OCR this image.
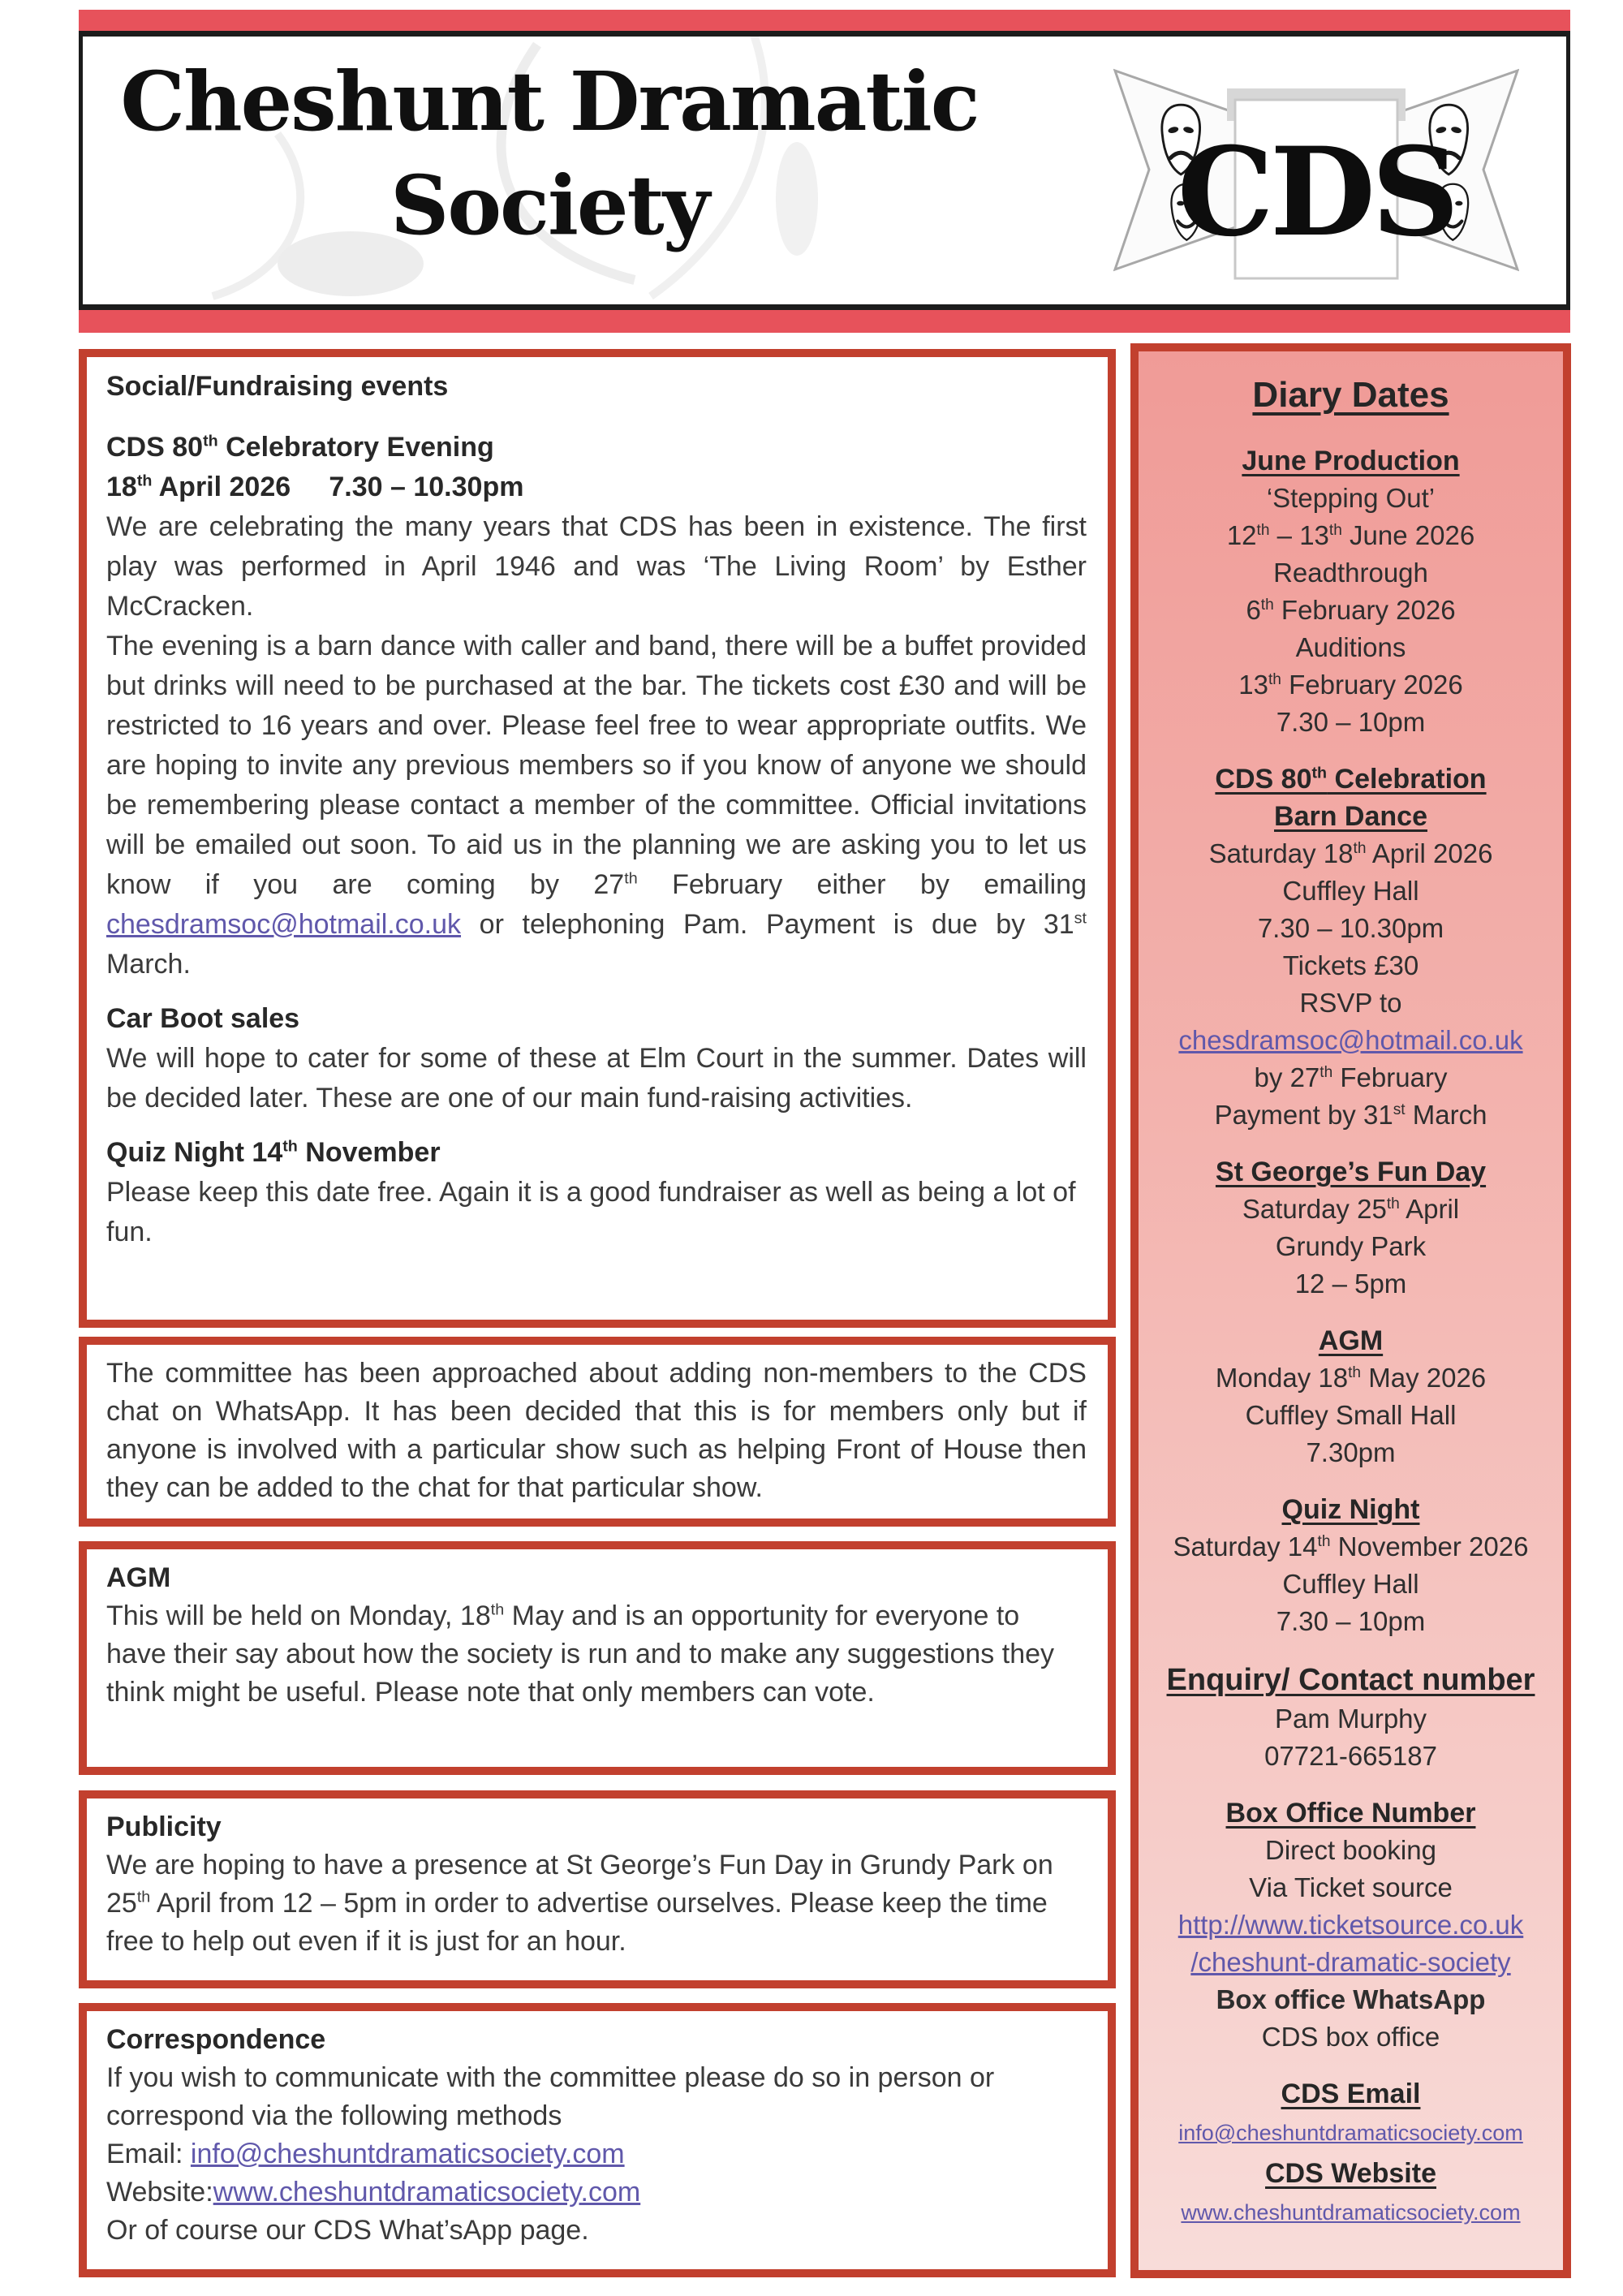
Cheshunt Dramatic
Society	CDS
Social/Fundraising events
CDS 80th Celebratory Evening
18th April 2026     7.30 – 10.30pm
We are celebrating the many years that CDS has been in existence. The first play was performed in April 1946 and was ‘The Living Room’ by Esther McCracken.
The evening is a barn dance with caller and band, there will be a buffet provided but drinks will need to be purchased at the bar. The tickets cost £30 and will be restricted to 16 years and over. Please feel free to wear appropriate outfits. We are hoping to invite any previous members so if you know of anyone we should be remembering please contact a member of the committee. Official invitations will be emailed out soon. To aid us in the planning we are asking you to let us know if you are coming by 27th February either by emailing chesdramsoc@hotmail.co.uk or telephoning Pam. Payment is due by 31st March.
Car Boot sales
We will hope to cater for some of these at Elm Court in the summer. Dates will be decided later. These are one of our main fund-raising activities.
Quiz Night 14th November
Please keep this date free. Again it is a good fundraiser as well as being a lot of fun.
The committee has been approached about adding non-members to the CDS chat on WhatsApp. It has been decided that this is for members only but if anyone is involved with a particular show such as helping Front of House then they can be added to the chat for that particular show.
AGM
This will be held on Monday, 18th May and is an opportunity for everyone to have their say about how the society is run and to make any suggestions they think might be useful. Please note that only members can vote.
Publicity
We are hoping to have a presence at St George’s Fun Day in Grundy Park on 25th April from 12 – 5pm in order to advertise ourselves. Please keep the time free to help out even if it is just for an hour.
Correspondence
If you wish to communicate with the committee please do so in person or correspond via the following methods
Email: info@cheshuntdramaticsociety.com
Website:www.cheshuntdramaticsociety.com
Or of course our CDS What’sApp page.
Diary Dates
June Production
‘Stepping Out’
12th – 13th June 2026
Readthrough
6th February 2026
Auditions
13th February 2026
7.30 – 10pm
CDS 80th Celebration
Barn Dance
Saturday 18th April 2026
Cuffley Hall
7.30 – 10.30pm
Tickets £30
RSVP to
chesdramsoc@hotmail.co.uk
by 27th February
Payment by 31st March
St George’s Fun Day
Saturday 25th April
Grundy Park
12 – 5pm
AGM
Monday 18th May 2026
Cuffley Small Hall
7.30pm
Quiz Night
Saturday 14th November 2026
Cuffley Hall
7.30 – 10pm
Enquiry/ Contact number
Pam Murphy
07721-665187
Box Office Number
Direct booking
Via Ticket source
http://www.ticketsource.co.uk
/cheshunt-dramatic-society
Box office WhatsApp
CDS box office
CDS Email
info@cheshuntdramaticsociety.com
CDS Website
www.cheshuntdramaticsociety.com
